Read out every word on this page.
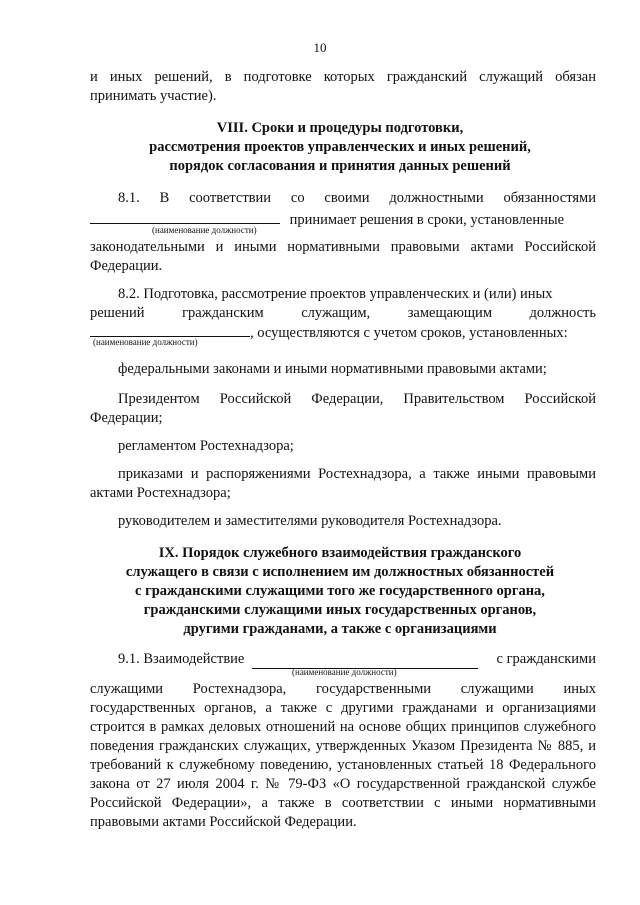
10
и иных решений, в подготовке которых гражданский служащий обязан принимать участие).
VIII. Сроки и процедуры подготовки,
рассмотрения проектов управленческих и иных решений,
порядок согласования и принятия данных решений
8.1. В соответствии со своими должностными обязанностями
принимает решения в сроки, установленные
(наименование должности)
законодательными и иными нормативными правовыми актами Российской Федерации.
8.2. Подготовка, рассмотрение проектов управленческих и (или) иных
решений	гражданским	служащим,	замещающим	должность
, осуществляются с учетом сроков, установленных:
(наименование должности)
федеральными законами и иными нормативными правовыми актами;
Президентом Российской Федерации, Правительством Российской Федерации;
регламентом Ростехнадзора;
приказами и распоряжениями Ростехнадзора, а также иными правовыми актами Ростехнадзора;
руководителем и заместителями руководителя Ростехнадзора.
IX. Порядок служебного взаимодействия гражданского
служащего в связи с исполнением им должностных обязанностей
с гражданскими служащими того же государственного органа,
гражданскими служащими иных государственных органов,
другими гражданами, а также с организациями
9.1. Взаимодействие	с гражданскими
(наименование должности)
служащими Ростехнадзора, государственными служащими иных государственных органов, а также с другими гражданами и организациями строится в рамках деловых отношений на основе общих принципов служебного поведения гражданских служащих, утвержденных Указом Президента № 885, и требований к служебному поведению, установленных статьей 18 Федерального закона от 27 июля 2004 г. № 79-ФЗ «О государственной гражданской службе Российской Федерации», а также в соответствии с иными нормативными правовыми актами Российской Федерации.
